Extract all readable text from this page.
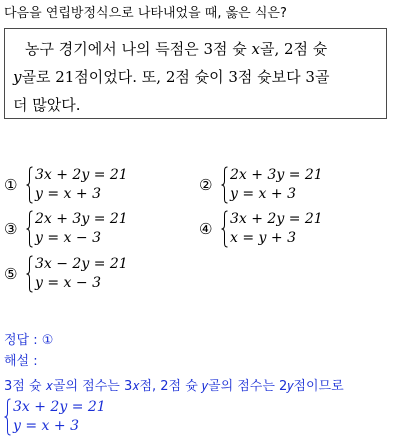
다음을 연립방정식으로 나타내었을 때, 옳은 식은?
농구 경기에서 나의 득점은 3점 슛 𝑥골, 2점 슛
𝑦골로 21점이었다. 또, 2점 슛이 3점 슛보다 3골
더 많았다.
①
3x + 2y = 21
y = x + 3	②
2x + 3y = 21
y = x + 3
③
2x + 3y = 21
y = x − 3	④
3x + 2y = 21
x = y + 3
⑤
3x − 2y = 21
y = x − 3
정답 : ①
해설 :
3점 슛 𝑥골의 점수는 3𝑥점, 2점 슛 𝑦골의 점수는 2𝑦점이므로
3x + 2y = 21
y = x + 3
